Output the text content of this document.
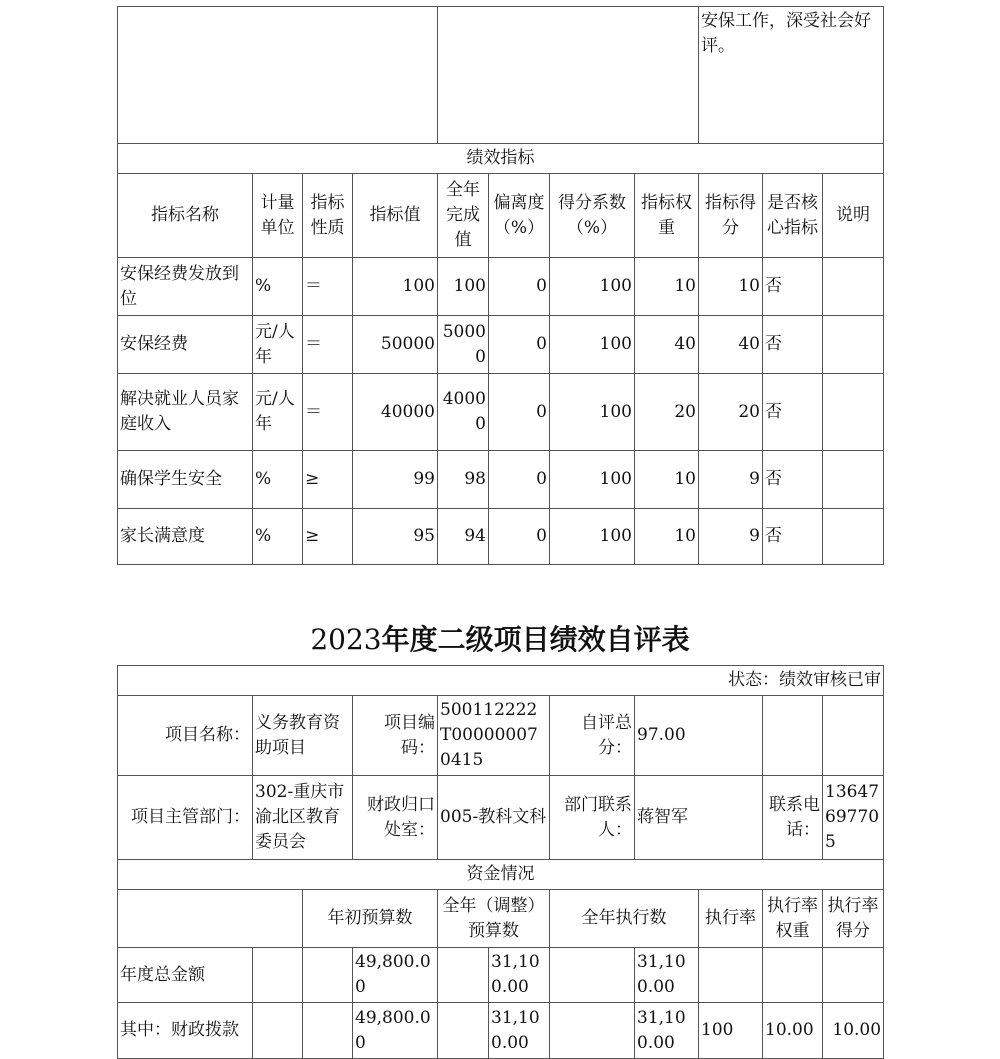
								安保工作，深受社会好评。		
绩效指标										
指标名称	计量单位	指标性质	指标值	全年完成值	偏离度（%）	得分系数（%）	指标权重	指标得分	是否核心指标	说明
安保经费发放到位	%	＝	100	100	0	100	10	10	否	
安保经费	元/人年	＝	50000	50000	0	100	40	40	否	
解决就业人员家庭收入	元/人年	＝	40000	40000	0	100	20	20	否	
确保学生安全	%	≥	99	98	0	100	10	9	否	
家长满意度	%	≥	95	94	0	100	10	9	否	
2023年度二级项目绩效自评表
状态：绩效审核已审										
项目名称：	义务教育资助项目		项目编码：	500112222T000000070415		自评总分：	97.00			
项目主管部门：	302-重庆市渝北区教育委员会		财政归口处室：	005-教科文科		部门联系人：	蒋智军		联系电话：	13647697705
资金情况										
		年初预算数		全年（调整）预算数		全年执行数		执行率	执行率权重	执行率得分
年度总金额			49,800.00		31,100.00		31,100.00			
其中：财政拨款			49,800.00		31,100.00		31,100.00	100	10.00	10.00
